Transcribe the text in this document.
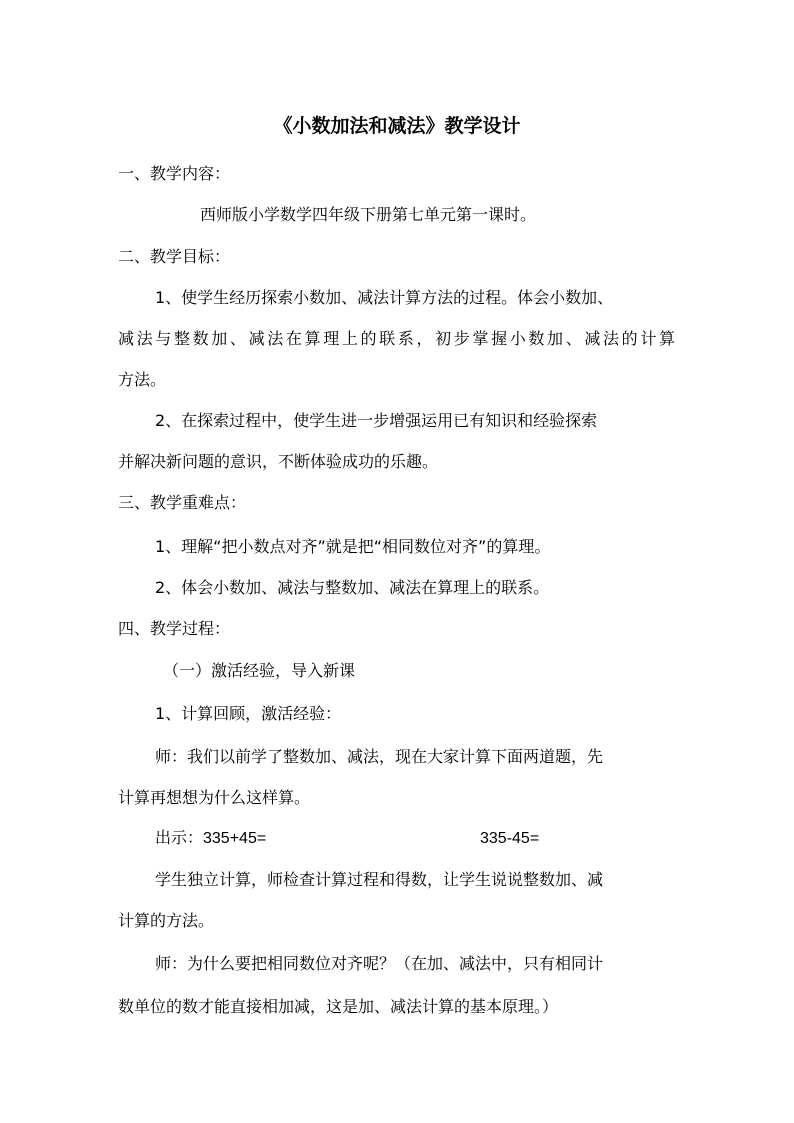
《小数加法和减法》教学设计
一、教学内容：
西师版小学数学四年级下册第七单元第一课时。
二、教学目标：
1、使学生经历探索小数加、减法计算方法的过程。体会小数加、
减法与整数加、减法在算理上的联系，初步掌握小数加、减法的计算
方法。
2、在探索过程中，使学生进一步增强运用已有知识和经验探索
并解决新问题的意识，不断体验成功的乐趣。
三、教学重难点：
1、理解“把小数点对齐”就是把“相同数位对齐”的算理。
2、体会小数加、减法与整数加、减法在算理上的联系。
四、教学过程：
（一）激活经验，导入新课
1、计算回顾，激活经验：
师：我们以前学了整数加、减法，现在大家计算下面两道题，先
计算再想想为什么这样算。
出示：335+45=	335-45=
学生独立计算，师检查计算过程和得数，让学生说说整数加、减
计算的方法。
师：为什么要把相同数位对齐呢？（在加、减法中，只有相同计
数单位的数才能直接相加减，这是加、减法计算的基本原理。）
